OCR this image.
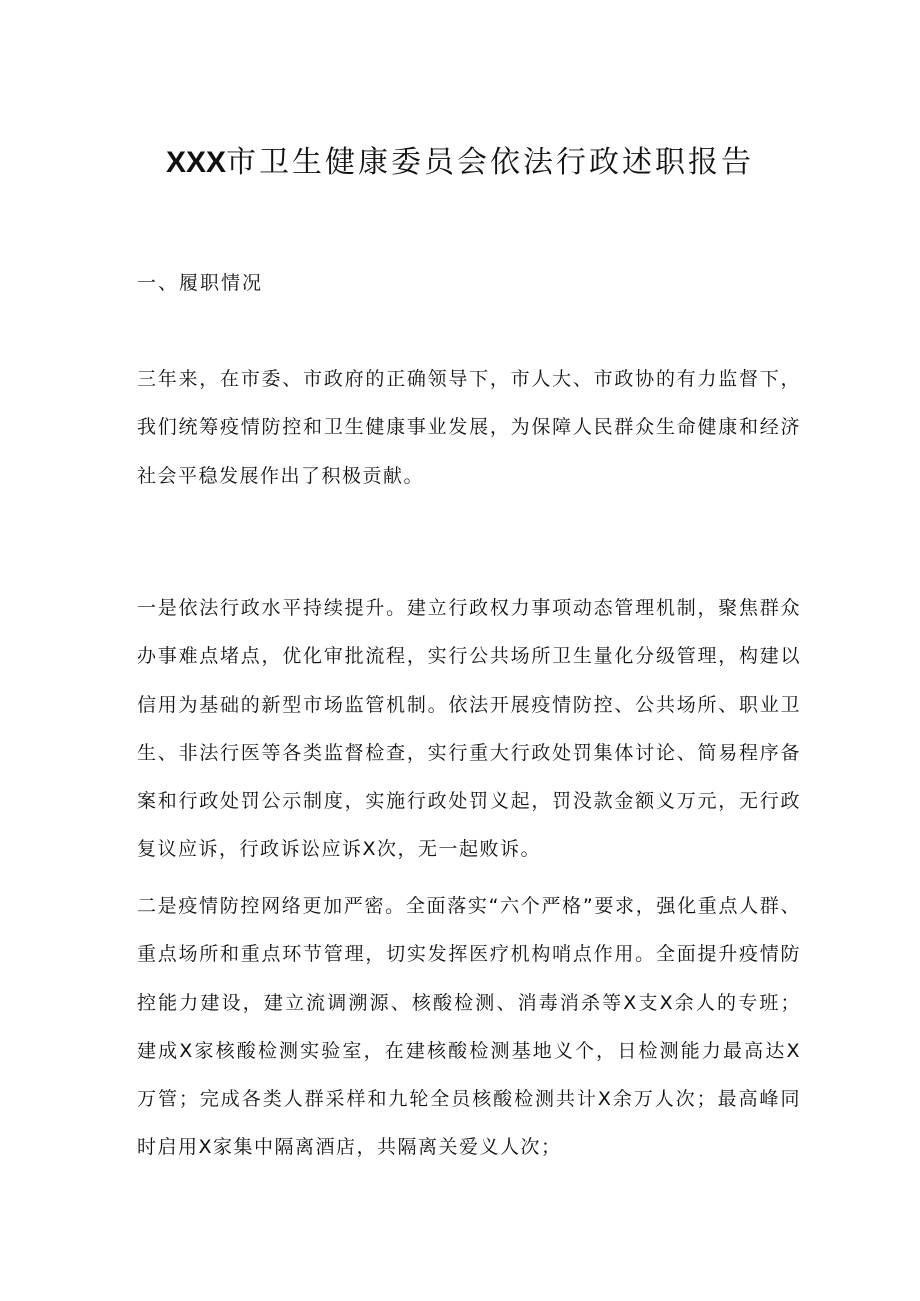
XXX市卫生健康委员会依法行政述职报告
一、履职情况

三年来，在市委、市政府的正确领导下，市人大、市政协的有力监督下，我们统筹疫情防控和卫生健康事业发展，为保障人民群众生命健康和经济社会平稳发展作出了积极贡献。

一是依法行政水平持续提升。建立行政权力事项动态管理机制，聚焦群众办事难点堵点，优化审批流程，实行公共场所卫生量化分级管理，构建以信用为基础的新型市场监管机制。依法开展疫情防控、公共场所、职业卫生、非法行医等各类监督检查，实行重大行政处罚集体讨论、简易程序备案和行政处罚公示制度，实施行政处罚义起，罚没款金额义万元，无行政复议应诉，行政诉讼应诉X次，无一起败诉。

二是疫情防控网络更加严密。全面落实“六个严格”要求，强化重点人群、重点场所和重点环节管理，切实发挥医疗机构哨点作用。全面提升疫情防控能力建设，建立流调溯源、核酸检测、消毒消杀等X支X余人的专班；建成X家核酸检测实验室，在建核酸检测基地义个，日检测能力最高达X万管；完成各类人群采样和九轮全员核酸检测共计X余万人次；最高峰同时启用X家集中隔离酒店，共隔离关爱义人次；
